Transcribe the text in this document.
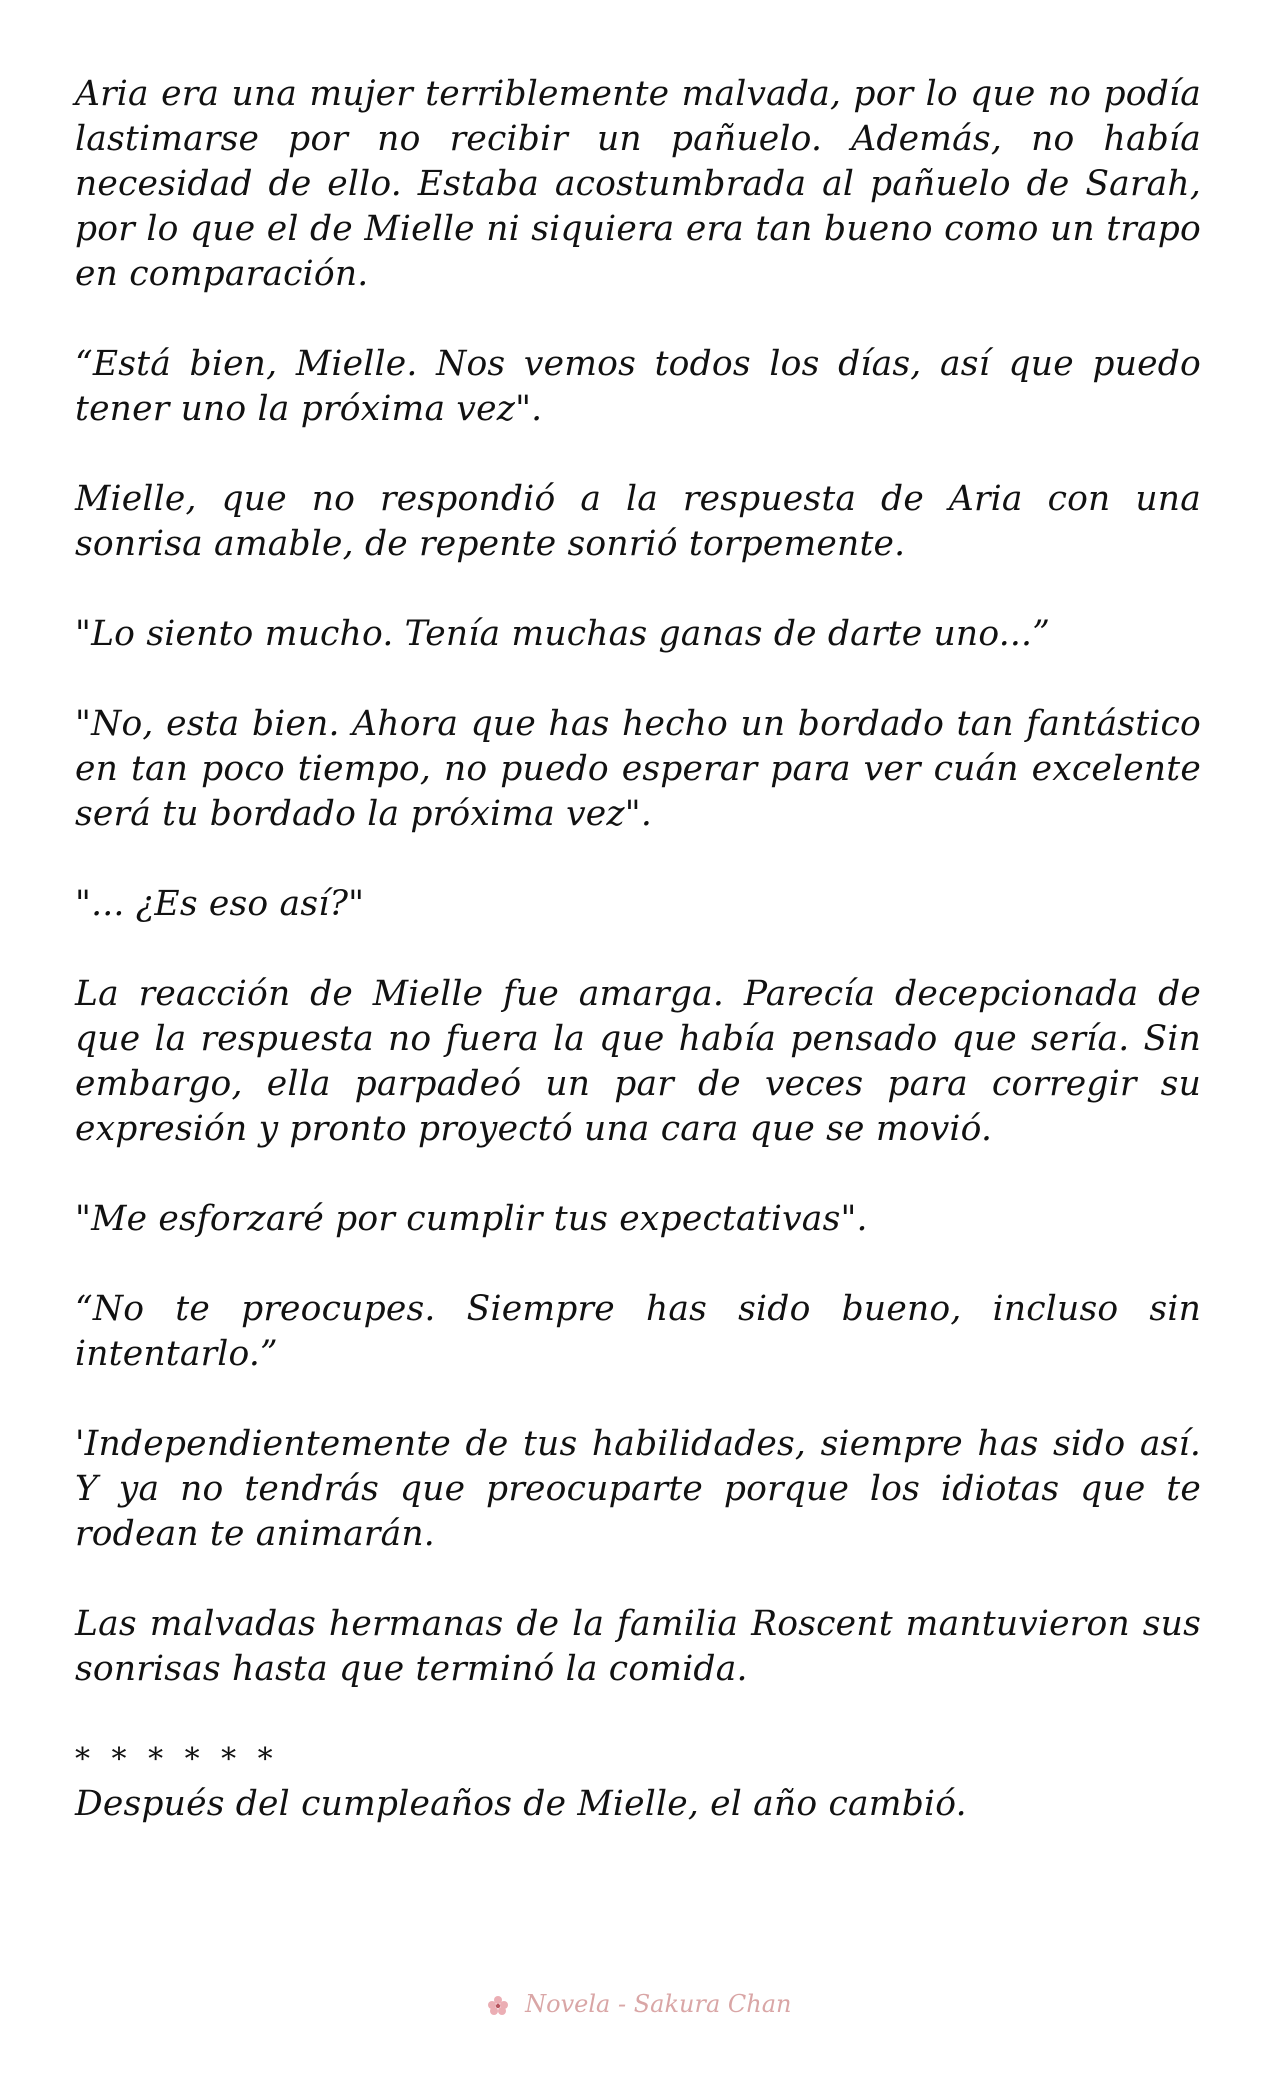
Aria era una mujer terriblemente malvada, por lo que no podía lastimarse por no recibir un pañuelo. Además, no había necesidad de ello. Estaba acostumbrada al pañuelo de Sarah, por lo que el de Mielle ni siquiera era tan bueno como un trapo en comparación.

“Está bien, Mielle. Nos vemos todos los días, así que puedo tener uno la próxima vez".

Mielle, que no respondió a la respuesta de Aria con una sonrisa amable, de repente sonrió torpemente.

"Lo siento mucho. Tenía muchas ganas de darte uno...”

"No, esta bien. Ahora que has hecho un bordado tan fantástico en tan poco tiempo, no puedo esperar para ver cuán excelente será tu bordado la próxima vez".

"... ¿Es eso así?"

La reacción de Mielle fue amarga. Parecía decepcionada de que la respuesta no fuera la que había pensado que sería. Sin embargo, ella parpadeó un par de veces para corregir su expresión y pronto proyectó una cara que se movió.

"Me esforzaré por cumplir tus expectativas".

“No te preocupes. Siempre has sido bueno, incluso sin intentarlo.”

'Independientemente de tus habilidades, siempre has sido así. Y ya no tendrás que preocuparte porque los idiotas que te rodean te animarán.

Las malvadas hermanas de la familia Roscent mantuvieron sus sonrisas hasta que terminó la comida.

* * * * * *

Después del cumpleaños de Mielle, el año cambió.

Novela - Sakura Chan
